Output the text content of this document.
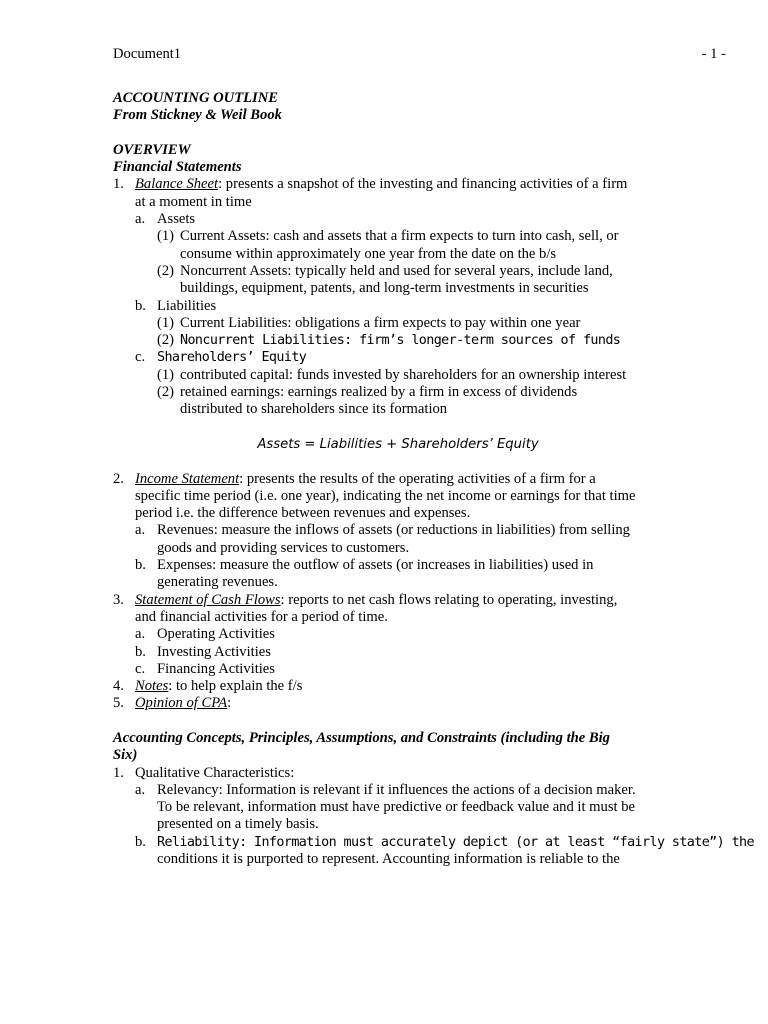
Document1	- 1 -
ACCOUNTING OUTLINE
From Stickney & Weil Book
OVERVIEW
Financial Statements
1. Balance Sheet: presents a snapshot of the investing and financing activities of a firm
at a moment in time
a. Assets
(1) Current Assets: cash and assets that a firm expects to turn into cash, sell, or
consume within approximately one year from the date on the b/s
(2) Noncurrent Assets: typically held and used for several years, include land,
buildings, equipment, patents, and long-term investments in securities
b. Liabilities
(1) Current Liabilities: obligations a firm expects to pay within one year
(2) Noncurrent Liabilities: firm’s longer-term sources of funds
c. Shareholders’ Equity
(1) contributed capital: funds invested by shareholders for an ownership interest
(2) retained earnings: earnings realized by a firm in excess of dividends
distributed to shareholders since its formation
Assets = Liabilities + Shareholders’ Equity
2. Income Statement: presents the results of the operating activities of a firm for a
specific time period (i.e. one year), indicating the net income or earnings for that time
period i.e. the difference between revenues and expenses.
a. Revenues: measure the inflows of assets (or reductions in liabilities) from selling
goods and providing services to customers.
b. Expenses: measure the outflow of assets (or increases in liabilities) used in
generating revenues.
3. Statement of Cash Flows: reports to net cash flows relating to operating, investing,
and financial activities for a period of time.
a. Operating Activities
b. Investing Activities
c. Financing Activities
4. Notes: to help explain the f/s
5. Opinion of CPA:
Accounting Concepts, Principles, Assumptions, and Constraints (including the Big
Six)
1. Qualitative Characteristics:
a. Relevancy: Information is relevant if it influences the actions of a decision maker.
To be relevant, information must have predictive or feedback value and it must be
presented on a timely basis.
b. Reliability: Information must accurately depict (or at least “fairly state”) the
conditions it is purported to represent. Accounting information is reliable to the
